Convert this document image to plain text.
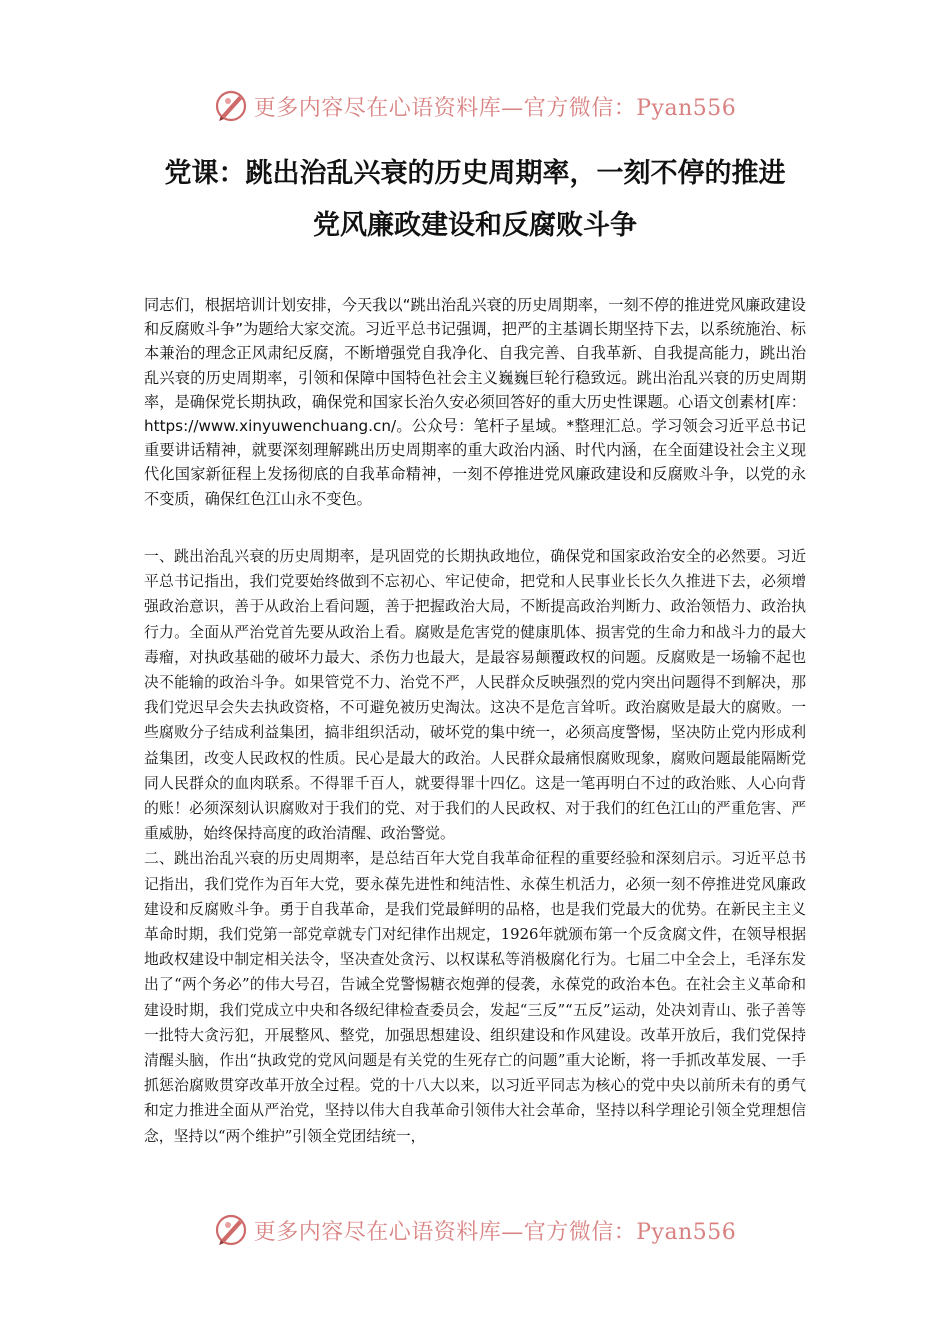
更多内容尽在心语资料库—官方微信：Pyan556
党课：跳出治乱兴衰的历史周期率，一刻不停的推进
党风廉政建设和反腐败斗争

同志们，根据培训计划安排，今天我以“跳出治乱兴衰的历史周期率，一刻不停的推进党风廉政建设和反腐败斗争”为题给大家交流。习近平总书记强调，把严的主基调长期坚持下去，以系统施治、标本兼治的理念正风肃纪反腐，不断增强党自我净化、自我完善、自我革新、自我提高能力，跳出治乱兴衰的历史周期率，引领和保障中国特色社会主义巍巍巨轮行稳致远。跳出治乱兴衰的历史周期率，是确保党长期执政，确保党和国家长治久安必须回答好的重大历史性课题。心语文创素材[库：https://www.xinyuwenchuang.cn/。公众号：笔杆子星域。*整理汇总。学习领会习近平总书记重要讲话精神，就要深刻理解跳出历史周期率的重大政治内涵、时代内涵，在全面建设社会主义现代化国家新征程上发扬彻底的自我革命精神，一刻不停推进党风廉政建设和反腐败斗争，以党的永不变质，确保红色江山永不变色。

一、跳出治乱兴衰的历史周期率，是巩固党的长期执政地位，确保党和国家政治安全的必然要。习近平总书记指出，我们党要始终做到不忘初心、牢记使命，把党和人民事业长长久久推进下去，必须增强政治意识，善于从政治上看问题，善于把握政治大局，不断提高政治判断力、政治领悟力、政治执行力。全面从严治党首先要从政治上看。腐败是危害党的健康肌体、损害党的生命力和战斗力的最大毒瘤，对执政基础的破坏力最大、杀伤力也最大，是最容易颠覆政权的问题。反腐败是一场输不起也决不能输的政治斗争。如果管党不力、治党不严，人民群众反映强烈的党内突出问题得不到解决，那我们党迟早会失去执政资格，不可避免被历史淘汰。这决不是危言耸听。政治腐败是最大的腐败。一些腐败分子结成利益集团，搞非组织活动，破坏党的集中统一，必须高度警惕，坚决防止党内形成利益集团，改变人民政权的性质。民心是最大的政治。人民群众最痛恨腐败现象，腐败问题最能隔断党同人民群众的血肉联系。不得罪千百人，就要得罪十四亿。这是一笔再明白不过的政治账、人心向背的账！必须深刻认识腐败对于我们的党、对于我们的人民政权、对于我们的红色江山的严重危害、严重威胁，始终保持高度的政治清醒、政治警觉。

二、跳出治乱兴衰的历史周期率，是总结百年大党自我革命征程的重要经验和深刻启示。习近平总书记指出，我们党作为百年大党，要永葆先进性和纯洁性、永葆生机活力，必须一刻不停推进党风廉政建设和反腐败斗争。勇于自我革命，是我们党最鲜明的品格，也是我们党最大的优势。在新民主主义革命时期，我们党第一部党章就专门对纪律作出规定，1926年就颁布第一个反贪腐文件，在领导根据地政权建设中制定相关法令，坚决查处贪污、以权谋私等消极腐化行为。七届二中全会上，毛泽东发出了“两个务必”的伟大号召，告诫全党警惕糖衣炮弹的侵袭，永葆党的政治本色。在社会主义革命和建设时期，我们党成立中央和各级纪律检查委员会，发起“三反”“五反”运动，处决刘青山、张子善等一批特大贪污犯，开展整风、整党，加强思想建设、组织建设和作风建设。改革开放后，我们党保持清醒头脑，作出“执政党的党风问题是有关党的生死存亡的问题”重大论断，将一手抓改革发展、一手抓惩治腐败贯穿改革开放全过程。党的十八大以来，以习近平同志为核心的党中央以前所未有的勇气和定力推进全面从严治党，坚持以伟大自我革命引领伟大社会革命，坚持以科学理论引领全党理想信念，坚持以“两个维护”引领全党团结统一，

更多内容尽在心语资料库—官方微信：Pyan556
